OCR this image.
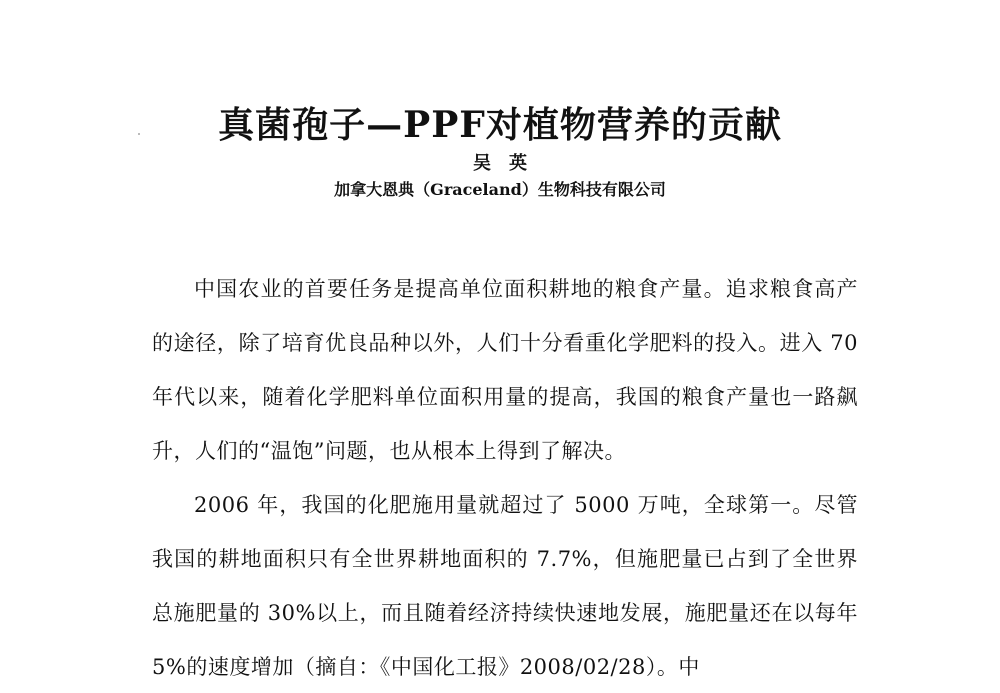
真菌孢子—PPF对植物营养的贡献
吴　英
加拿大恩典（Graceland）生物科技有限公司

中国农业的首要任务是提高单位面积耕地的粮食产量。追求粮食高产的途径，除了培育优良品种以外，人们十分看重化学肥料的投入。进入 70 年代以来，随着化学肥料单位面积用量的提高，我国的粮食产量也一路飙升，人们的“温饱”问题，也从根本上得到了解决。

2006 年，我国的化肥施用量就超过了 5000 万吨，全球第一。尽管我国的耕地面积只有全世界耕地面积的 7.7%，但施肥量已占到了全世界总施肥量的 30%以上，而且随着经济持续快速地发展，施肥量还在以每年 5%的速度增加（摘自：《中国化工报》2008/02/28）。中
